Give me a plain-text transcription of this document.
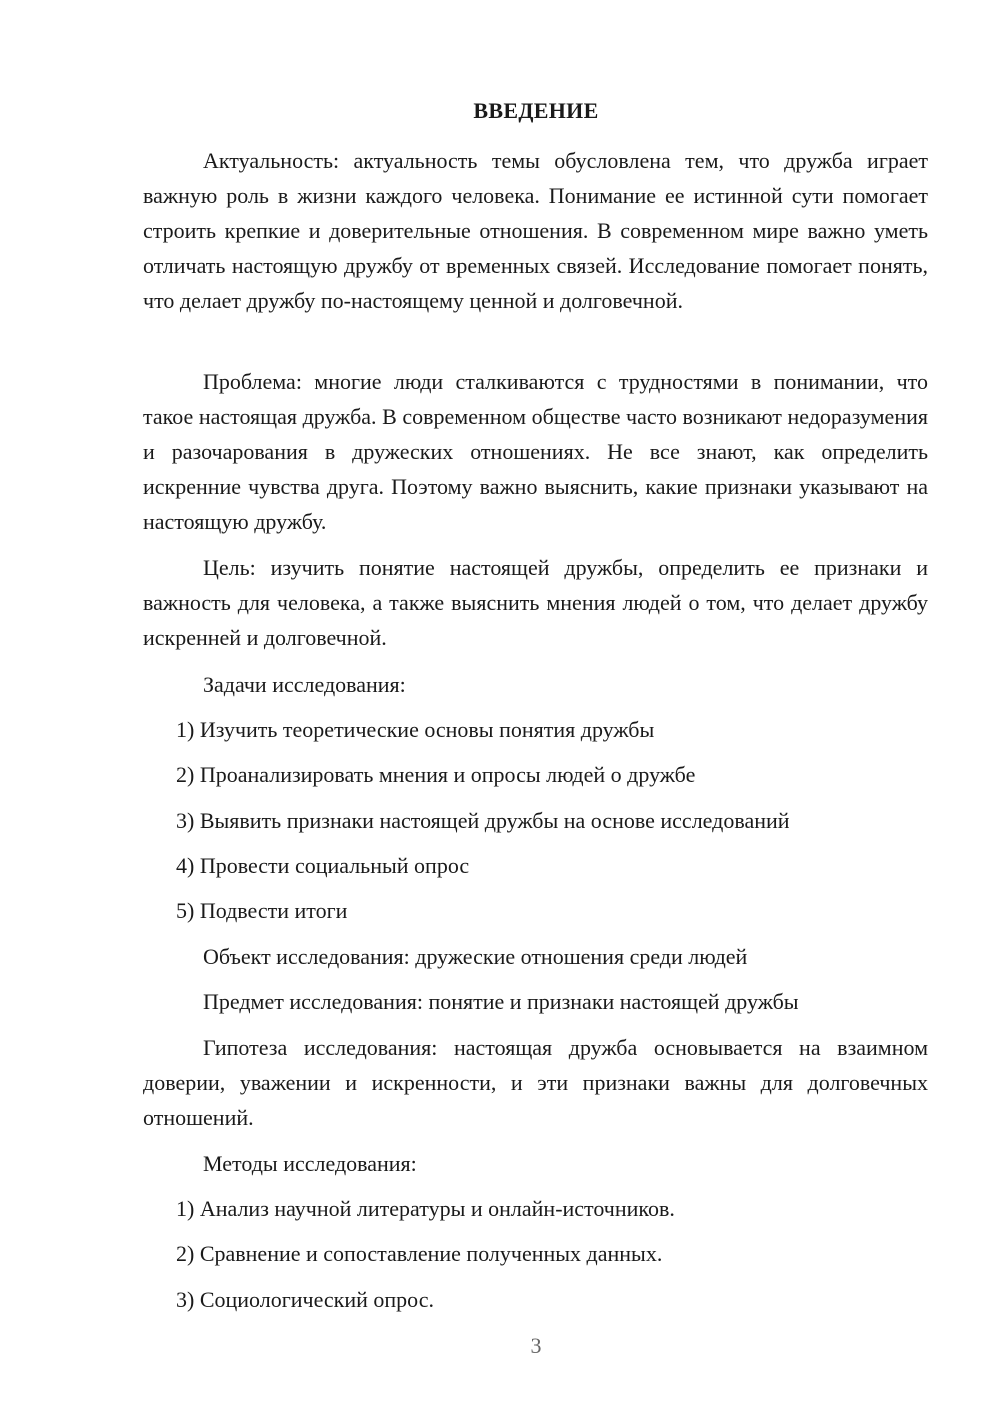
ВВЕДЕНИЕ

Актуальность: актуальность темы обусловлена тем, что дружба играет важную роль в жизни каждого человека. Понимание ее истинной сути помогает строить крепкие и доверительные отношения. В современном мире важно уметь отличать настоящую дружбу от временных связей. Исследование помогает понять, что делает дружбу по-настоящему ценной и долговечной.

Проблема: многие люди сталкиваются с трудностями в понимании, что такое настоящая дружба. В современном обществе часто возникают недоразумения и разочарования в дружеских отношениях. Не все знают, как определить искренние чувства друга. Поэтому важно выяснить, какие признаки указывают на настоящую дружбу.

Цель: изучить понятие настоящей дружбы, определить ее признаки и важность для человека, а также выяснить мнения людей о том, что делает дружбу искренней и долговечной.

Задачи исследования:

1) Изучить теоретические основы понятия дружбы

2) Проанализировать мнения и опросы людей о дружбе

3) Выявить признаки настоящей дружбы на основе исследований

4) Провести социальный опрос

5) Подвести итоги

Объект исследования: дружеские отношения среди людей

Предмет исследования: понятие и признаки настоящей дружбы

Гипотеза исследования: настоящая дружба основывается на взаимном доверии, уважении и искренности, и эти признаки важны для долговечных отношений.

Методы исследования:

1) Анализ научной литературы и онлайн-источников.

2) Сравнение и сопоставление полученных данных.

3) Социологический опрос.

3
